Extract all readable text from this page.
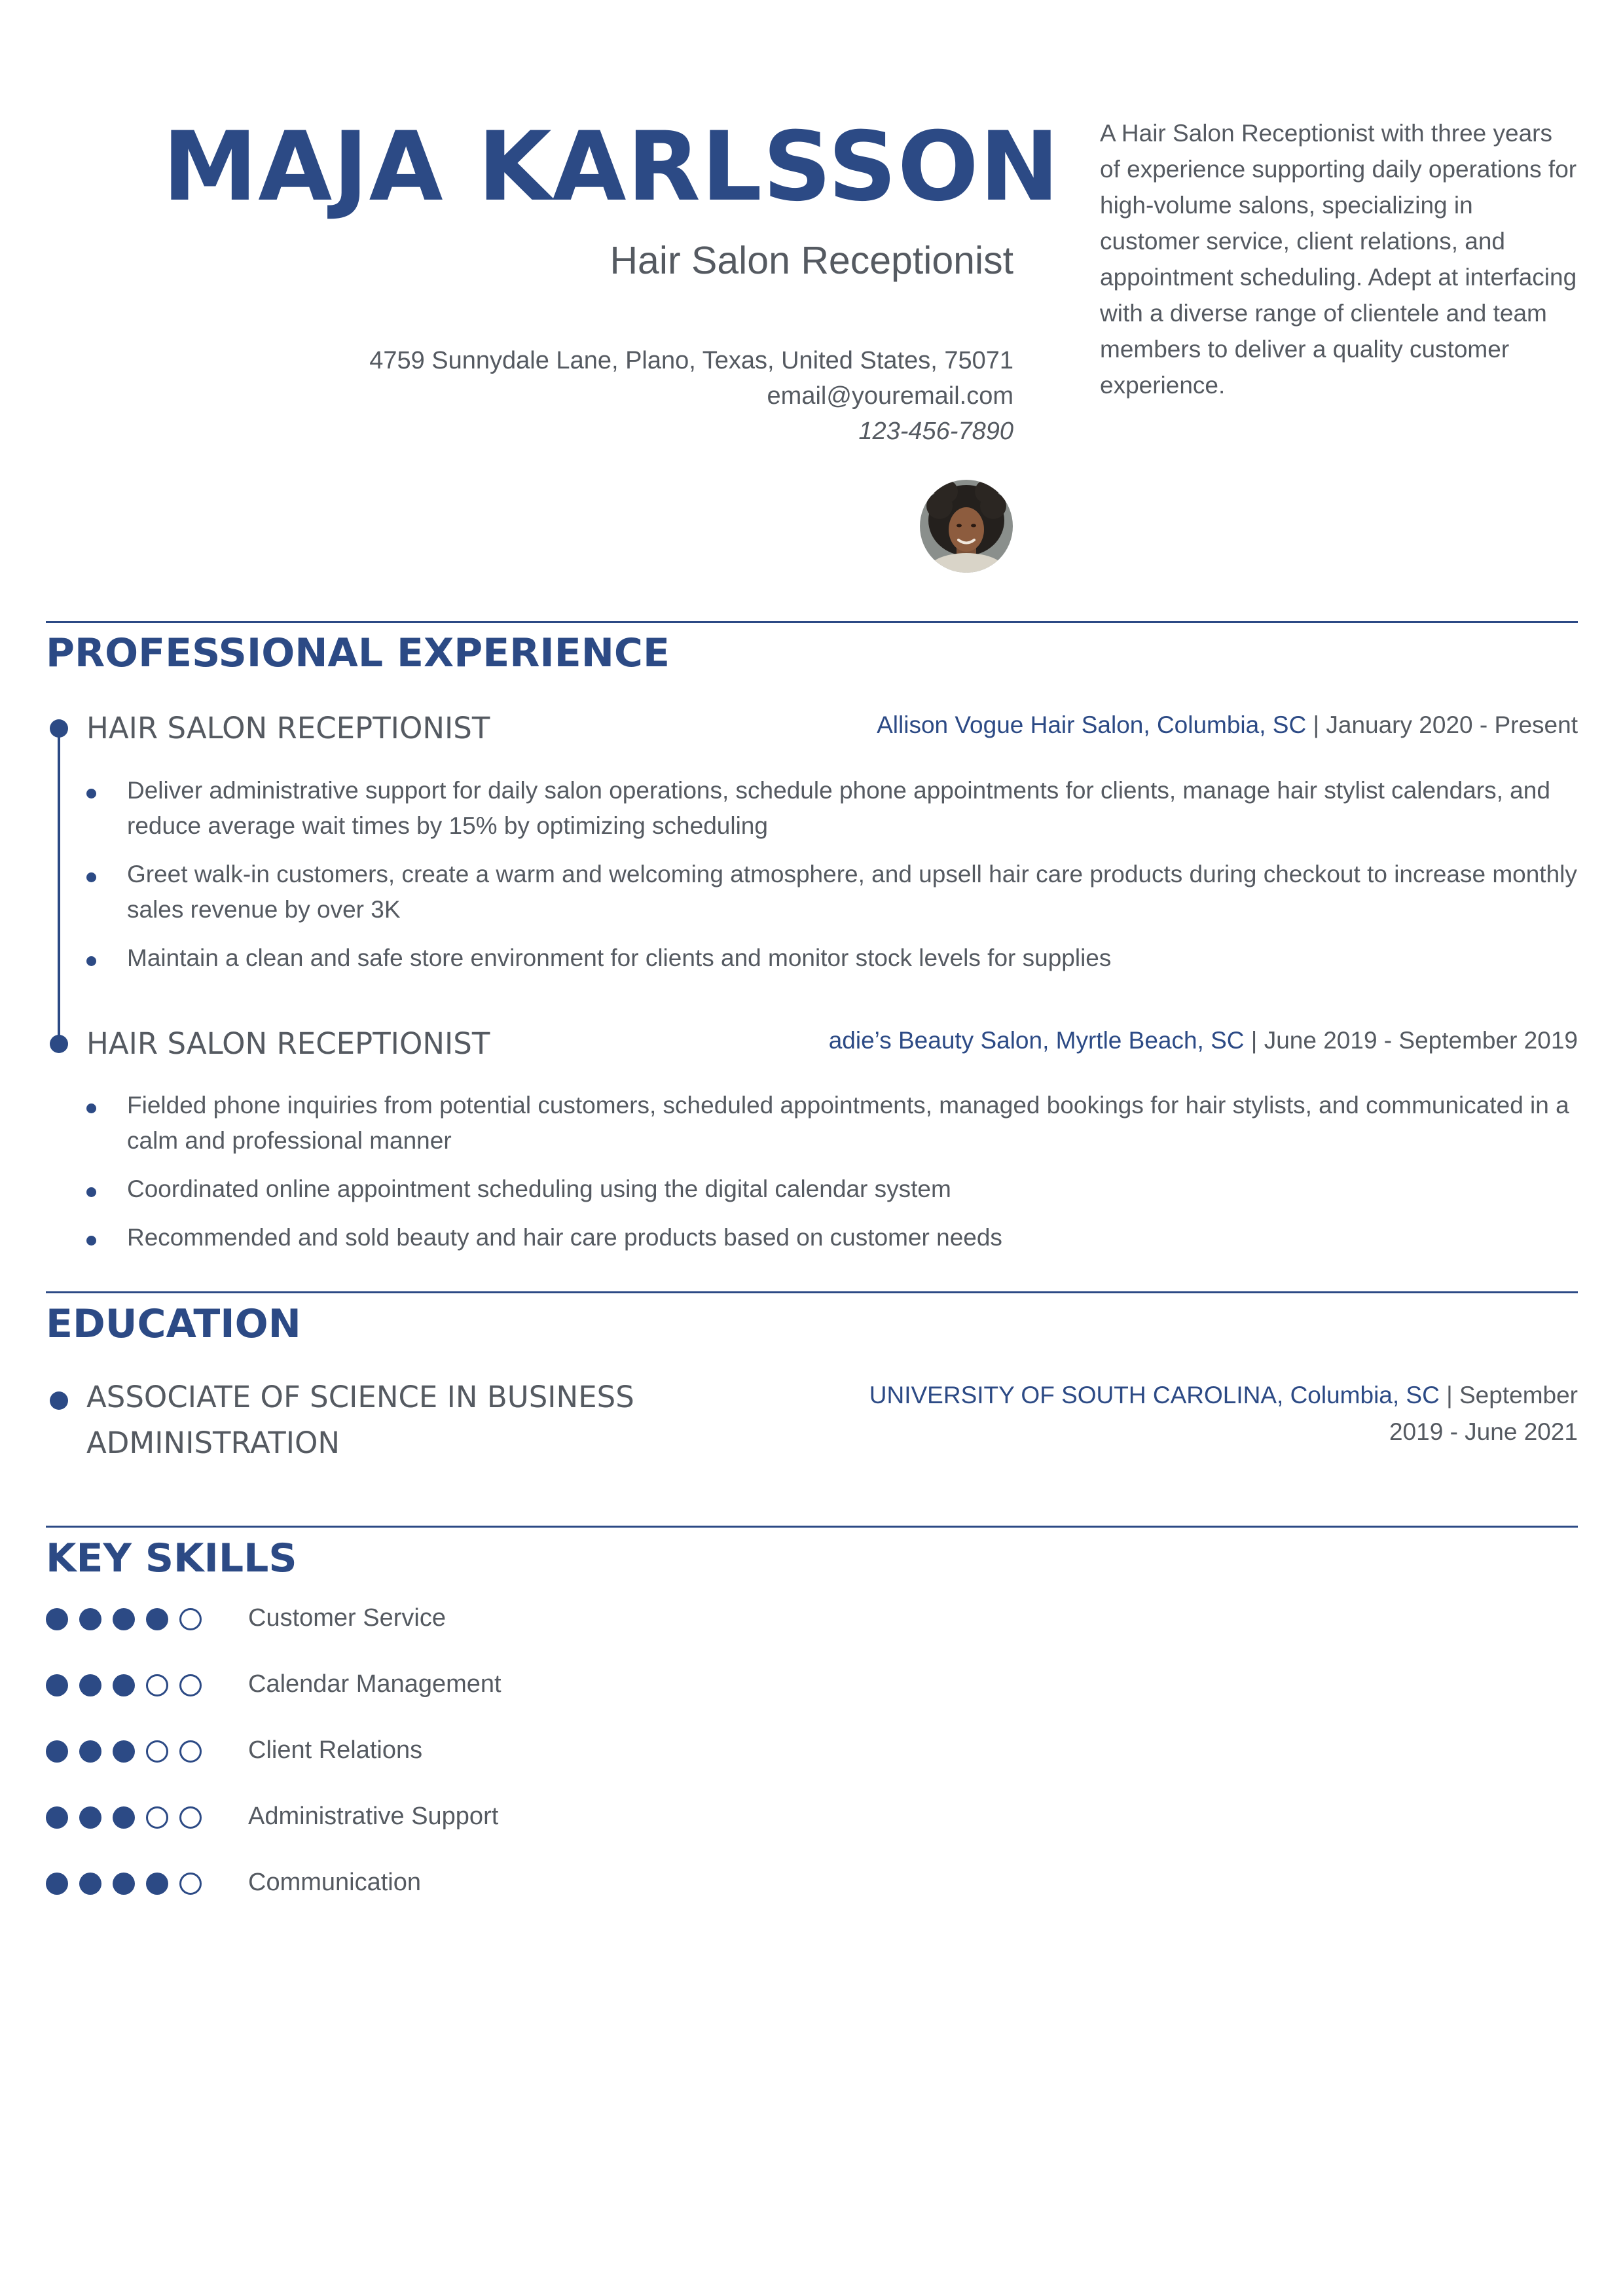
MAJA KARLSSON
Hair Salon Receptionist
4759 Sunnydale Lane, Plano, Texas, United States, 75071
email@youremail.com
123-456-7890

A Hair Salon Receptionist with three years of experience supporting daily operations for high-volume salons, specializing in customer service, client relations, and appointment scheduling. Adept at interfacing with a diverse range of clientele and team members to deliver a quality customer experience.

PROFESSIONAL EXPERIENCE
HAIR SALON RECEPTIONIST	Allison Vogue Hair Salon, Columbia, SC | January 2020 - Present
Deliver administrative support for daily salon operations, schedule phone appointments for clients, manage hair stylist calendars, and reduce average wait times by 15% by optimizing scheduling
Greet walk-in customers, create a warm and welcoming atmosphere, and upsell hair care products during checkout to increase monthly sales revenue by over 3K
Maintain a clean and safe store environment for clients and monitor stock levels for supplies
HAIR SALON RECEPTIONIST	adie’s Beauty Salon, Myrtle Beach, SC | June 2019 - September 2019
Fielded phone inquiries from potential customers, scheduled appointments, managed bookings for hair stylists, and communicated in a calm and professional manner
Coordinated online appointment scheduling using the digital calendar system
Recommended and sold beauty and hair care products based on customer needs
EDUCATION
ASSOCIATE OF SCIENCE IN BUSINESS ADMINISTRATION
UNIVERSITY OF SOUTH CAROLINA, Columbia, SC | September 2019 - June 2021
KEY SKILLS
Customer Service
Calendar Management
Client Relations
Administrative Support
Communication
